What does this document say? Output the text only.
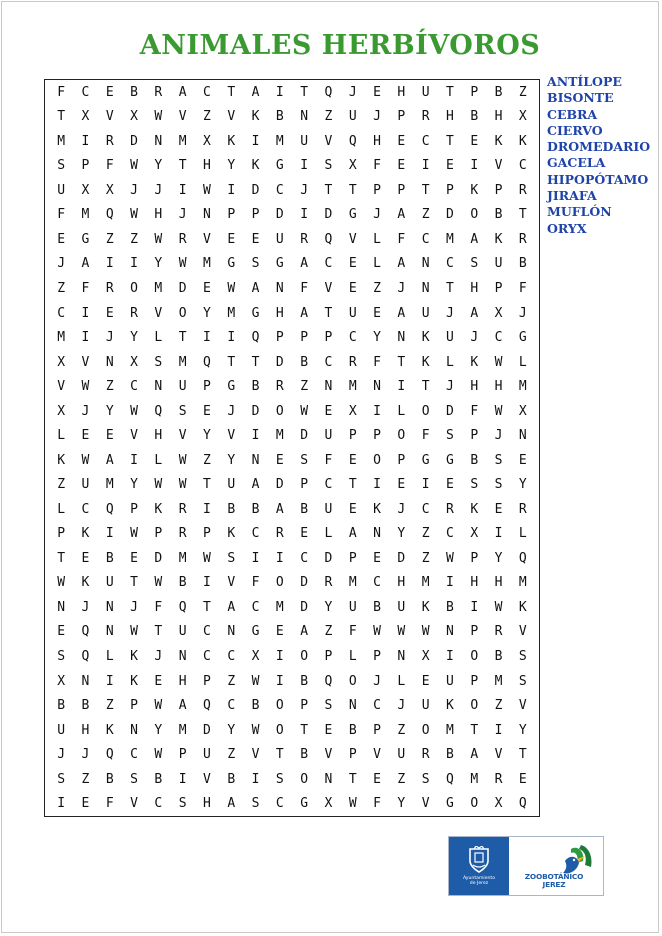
ANIMALES HERBÍVOROS
F	C	E	B	R	A	C	T	A	I	T	Q	J	E	H	U	T	P	B	Z
T	X	V	X	W	V	Z	V	K	B	N	Z	U	J	P	R	H	B	H	X
M	I	R	D	N	M	X	K	I	M	U	V	Q	H	E	C	T	E	K	K
S	P	F	W	Y	T	H	Y	K	G	I	S	X	F	E	I	E	I	V	C
U	X	X	J	J	I	W	I	D	C	J	T	T	P	P	T	P	K	P	R
F	M	Q	W	H	J	N	P	P	D	I	D	G	J	A	Z	D	O	B	T
E	G	Z	Z	W	R	V	E	E	U	R	Q	V	L	F	C	M	A	K	R
J	A	I	I	Y	W	M	G	S	G	A	C	E	L	A	N	C	S	U	B
Z	F	R	O	M	D	E	W	A	N	F	V	E	Z	J	N	T	H	P	F
C	I	E	R	V	O	Y	M	G	H	A	T	U	E	A	U	J	A	X	J
M	I	J	Y	L	T	I	I	Q	P	P	P	C	Y	N	K	U	J	C	G
X	V	N	X	S	M	Q	T	T	D	B	C	R	F	T	K	L	K	W	L
V	W	Z	C	N	U	P	G	B	R	Z	N	M	N	I	T	J	H	H	M
X	J	Y	W	Q	S	E	J	D	O	W	E	X	I	L	O	D	F	W	X
L	E	E	V	H	V	Y	V	I	M	D	U	P	P	O	F	S	P	J	N
K	W	A	I	L	W	Z	Y	N	E	S	F	E	O	P	G	G	B	S	E
Z	U	M	Y	W	W	T	U	A	D	P	C	T	I	E	I	E	S	S	Y
L	C	Q	P	K	R	I	B	B	A	B	U	E	K	J	C	R	K	E	R
P	K	I	W	P	R	P	K	C	R	E	L	A	N	Y	Z	C	X	I	L
T	E	B	E	D	M	W	S	I	I	C	D	P	E	D	Z	W	P	Y	Q
W	K	U	T	W	B	I	V	F	O	D	R	M	C	H	M	I	H	H	M
N	J	N	J	F	Q	T	A	C	M	D	Y	U	B	U	K	B	I	W	K
E	Q	N	W	T	U	C	N	G	E	A	Z	F	W	W	W	N	P	R	V
S	Q	L	K	J	N	C	C	X	I	O	P	L	P	N	X	I	O	B	S
X	N	I	K	E	H	P	Z	W	I	B	Q	O	J	L	E	U	P	M	S
B	B	Z	P	W	A	Q	C	B	O	P	S	N	C	J	U	K	O	Z	V
U	H	K	N	Y	M	D	Y	W	O	T	E	B	P	Z	O	M	T	I	Y
J	J	Q	C	W	P	U	Z	V	T	B	V	P	V	U	R	B	A	V	T
S	Z	B	S	B	I	V	B	I	S	O	N	T	E	Z	S	Q	M	R	E
I	E	F	V	C	S	H	A	S	C	G	X	W	F	Y	V	G	O	X	Q
ANTÍLOPE
BISONTE
CEBRA
CIERVO
DROMEDARIO
GACELA
HIPOPÓTAMO
JIRAFA
MUFLÓN
ORYX
Ayuntamiento
de Jerez
ZOOBOTÁNICO
JEREZ
